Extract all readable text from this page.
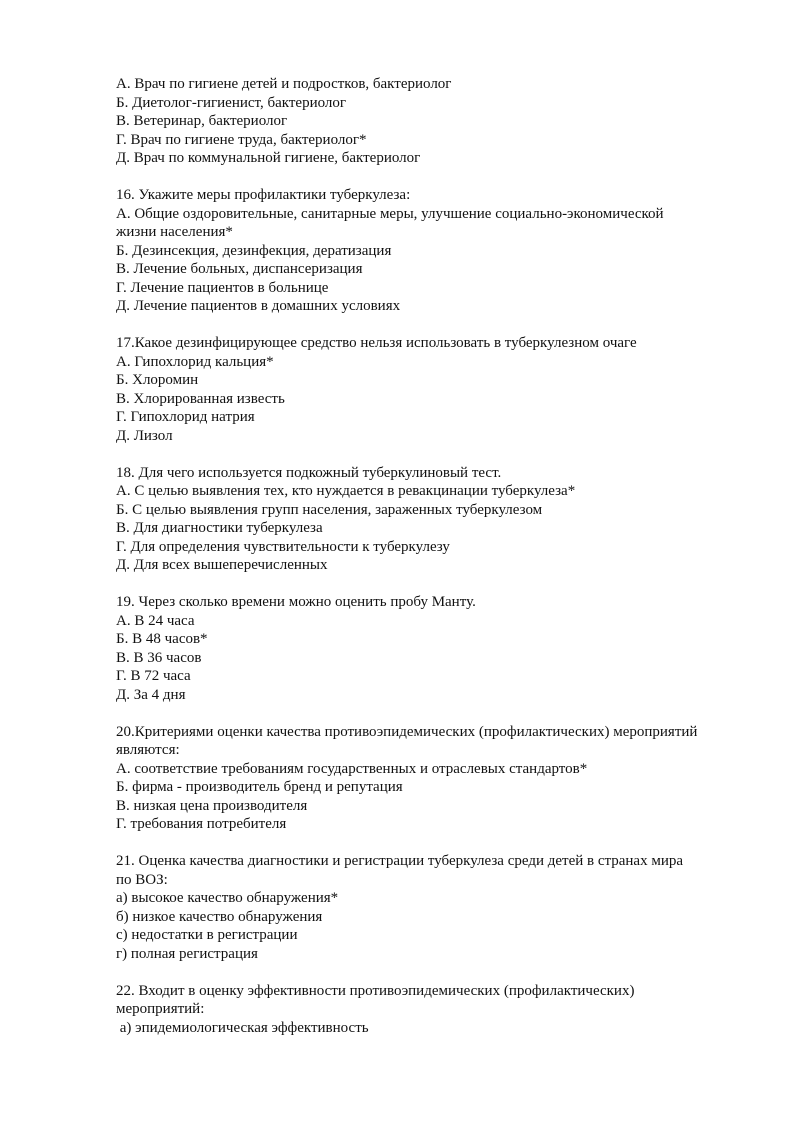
А. Врач по гигиене детей и подростков, бактериолог
Б. Диетолог-гигиенист, бактериолог
В. Ветеринар, бактериолог
Г. Врач по гигиене труда, бактериолог*
Д. Врач по коммунальной гигиене, бактериолог
16. Укажите меры профилактики туберкулеза:
А. Общие оздоровительные, санитарные меры, улучшение социально-экономической
жизни населения*
Б. Дезинсекция, дезинфекция, дератизация
В. Лечение больных, диспансеризация
Г. Лечение пациентов в больнице
Д. Лечение пациентов в домашних условиях
17.Какое дезинфицирующее средство нельзя использовать в туберкулезном очаге
А. Гипохлорид кальция*
Б. Хлоромин
В. Хлорированная известь
Г. Гипохлорид натрия
Д. Лизол
18. Для чего используется подкожный туберкулиновый тест.
А. С целью выявления тех, кто нуждается в ревакцинации туберкулеза*
Б. С целью выявления групп населения, зараженных туберкулезом
В. Для диагностики туберкулеза
Г. Для определения чувствительности к туберкулезу
Д. Для всех вышеперечисленных
19. Через сколько времени можно оценить пробу Манту.
А. В 24 часа
Б. В 48 часов*
В. В 36 часов
Г. В 72 часа
Д. За 4 дня
20.Критериями оценки качества противоэпидемических (профилактических) мероприятий
являются:
А. соответствие требованиям государственных и отраслевых стандартов*
Б. фирма - производитель бренд и репутация
В. низкая цена производителя
Г. требования потребителя
21. Оценка качества диагностики и регистрации туберкулеза среди детей в странах мира
по ВОЗ:
а) высокое качество обнаружения*
б) низкое качество обнаружения
с) недостатки в регистрации
г) полная регистрация
22. Входит в оценку эффективности противоэпидемических (профилактических)
мероприятий:
а) эпидемиологическая эффективность
